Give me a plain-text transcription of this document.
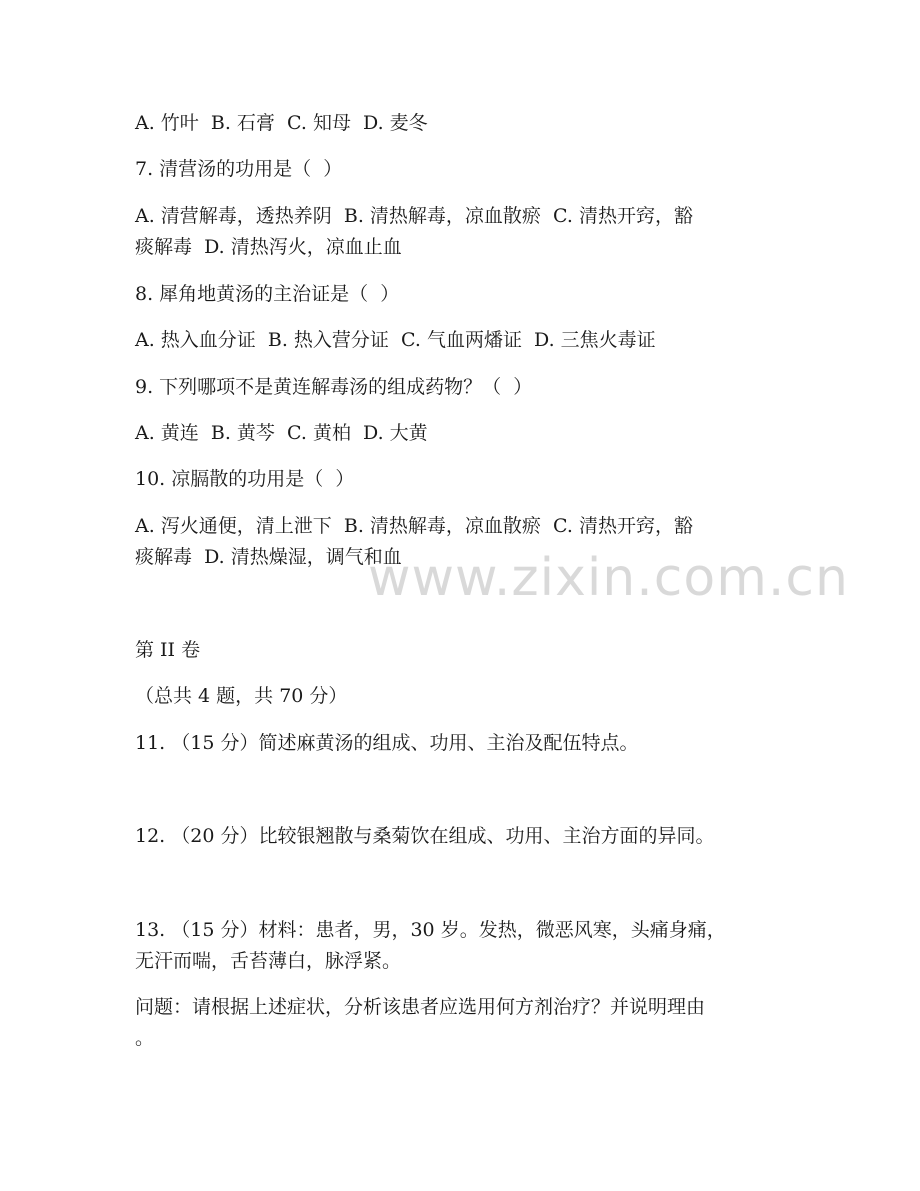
A. 竹叶  B. 石膏  C. 知母  D. 麦冬
7. 清营汤的功用是（  ）
A. 清营解毒，透热养阴  B. 清热解毒，凉血散瘀  C. 清热开窍，豁
痰解毒  D. 清热泻火，凉血止血
8. 犀角地黄汤的主治证是（  ）
A. 热入血分证  B. 热入营分证  C. 气血两燔证  D. 三焦火毒证
9. 下列哪项不是黄连解毒汤的组成药物？（  ）
A. 黄连  B. 黄芩  C. 黄柏  D. 大黄
10. 凉膈散的功用是（  ）
A. 泻火通便，清上泄下  B. 清热解毒，凉血散瘀  C. 清热开窍，豁
痰解毒  D. 清热燥湿，调气和血
www.zixin.com.cn
第 II 卷
（总共 4 题，共 70 分）
11. （15 分）简述麻黄汤的组成、功用、主治及配伍特点。
12. （20 分）比较银翘散与桑菊饮在组成、功用、主治方面的异同。
13. （15 分）材料：患者，男，30 岁。发热，微恶风寒，头痛身痛，
无汗而喘，舌苔薄白，脉浮紧。
问题：请根据上述症状，分析该患者应选用何方剂治疗？并说明理由
。
